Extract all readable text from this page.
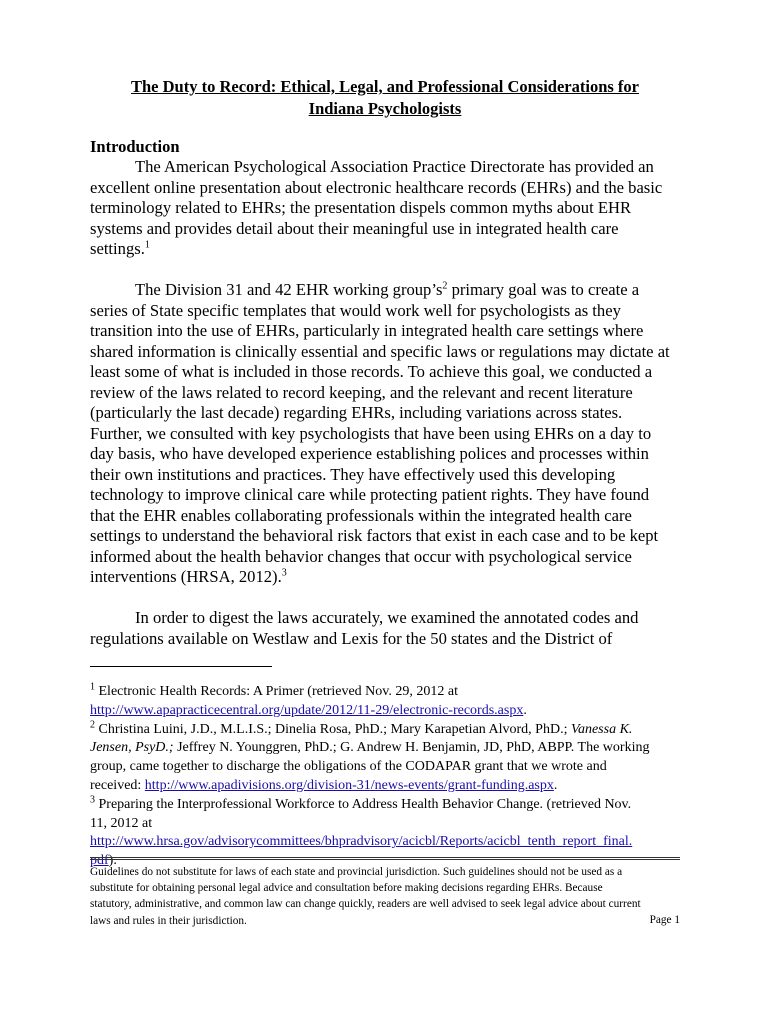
The Duty to Record: Ethical, Legal, and Professional Considerations for
Indiana Psychologists
Introduction
The American Psychological Association Practice Directorate has provided an
excellent online presentation about electronic healthcare records (EHRs) and the basic
terminology related to EHRs; the presentation dispels common myths about EHR
systems and provides detail about their meaningful use in integrated health care
settings.$^1$
The Division 31 and 42 EHR working $group’s^2$ primary goal was to create a
series of State specific templates that would work well for psychologists as they
transition into the use of EHRs, particularly in integrated health care settings where
shared information is clinically essential and specific laws or regulations may dictate at
least some of what is included in those records. To achieve this goal, we conducted a
review of the laws related to record keeping, and the relevant and recent literature
(particularly the last decade) regarding EHRs, including variations across states.
Further, we consulted with key psychologists that have been using EHRs on a day to
day basis, who have developed experience establishing polices and processes within
their own institutions and practices. They have effectively used this developing
technology to improve clinical care while protecting patient rights. They have found
that the EHR enables collaborating professionals within the integrated health care
settings to understand the behavioral risk factors that exist in each case and to be kept
informed about the health behavior changes that occur with psychological service
interventions (HRSA, 2012).$^3$
In order to digest the laws accurately, we examined the annotated codes and
regulations available on Westlaw and Lexis for the 50 states and the District of
$^1$ Electronic Health Records: A Primer (retrieved Nov. 29, 2012 at
http://www.apapracticecentral.org/update/2012/11-29/electronic-records.aspx.
$^2$ Christina Luini, J.D., M.L.I.S.; Dinelia Rosa, PhD.; Mary Karapetian Alvord, PhD.; Vanessa K.
Jensen, PsyD.; Jeffrey N. Younggren, PhD.; G. Andrew H. Benjamin, JD, PhD, ABPP. The working
group, came together to discharge the obligations of the CODAPAR grant that we wrote and
received: http://www.apadivisions.org/division-31/news-events/grant-funding.aspx.
$^3$ Preparing the Interprofessional Workforce to Address Health Behavior Change. (retrieved Nov.
11, 2012 at
http://www.hrsa.gov/advisorycommittees/bhpradvisory/acicbl/Reports/acicbl_tenth_report_final.
pdf).
Guidelines do not substitute for laws of each state and provincial jurisdiction. Such guidelines should not be used as a
substitute for obtaining personal legal advice and consultation before making decisions regarding EHRs. Because
statutory, administrative, and common law can change quickly, readers are well advised to seek legal advice about current
laws and rules in their jurisdiction.	Page 1
